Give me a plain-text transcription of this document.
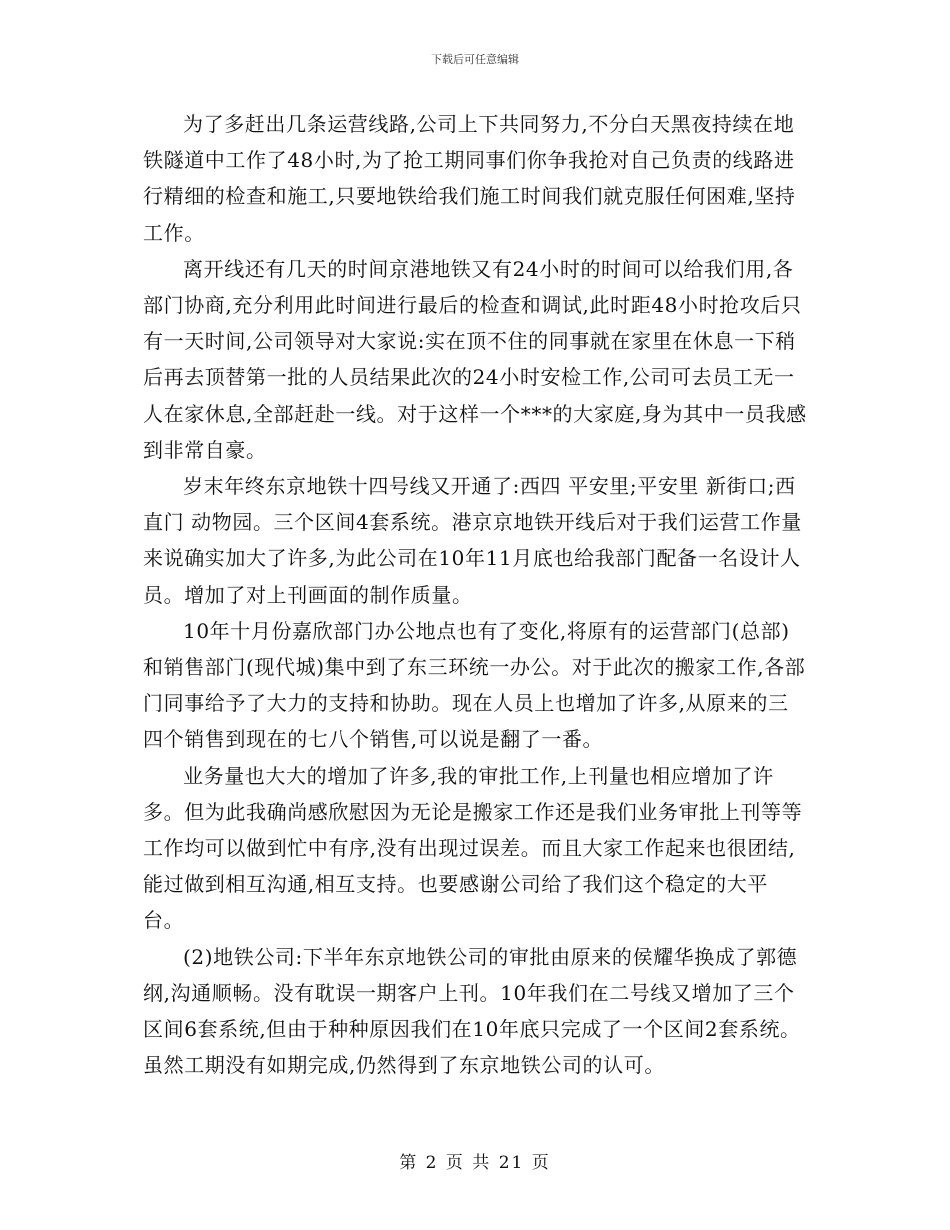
下载后可任意编辑

为了多赶出几条运营线路,公司上下共同努力,不分白天黑夜持续在地铁隧道中工作了48小时,为了抢工期同事们你争我抢对自己负责的线路进行精细的检查和施工,只要地铁给我们施工时间我们就克服任何困难,坚持工作。

离开线还有几天的时间京港地铁又有24小时的时间可以给我们用,各部门协商,充分利用此时间进行最后的检查和调试,此时距48小时抢攻后只有一天时间,公司领导对大家说:实在顶不住的同事就在家里在休息一下稍后再去顶替第一批的人员结果此次的24小时安检工作,公司可去员工无一人在家休息,全部赶赴一线。对于这样一个***的大家庭,身为其中一员我感到非常自豪。

岁末年终东京地铁十四号线又开通了:西四 平安里;平安里 新街口;西直门 动物园。三个区间4套系统。港京京地铁开线后对于我们运营工作量来说确实加大了许多,为此公司在10年11月底也给我部门配备一名设计人员。增加了对上刊画面的制作质量。

10年十月份嘉欣部门办公地点也有了变化,将原有的运营部门(总部)和销售部门(现代城)集中到了东三环统一办公。对于此次的搬家工作,各部门同事给予了大力的支持和协助。现在人员上也增加了许多,从原来的三四个销售到现在的七八个销售,可以说是翻了一番。

业务量也大大的增加了许多,我的审批工作,上刊量也相应增加了许多。但为此我确尚感欣慰因为无论是搬家工作还是我们业务审批上刊等等工作均可以做到忙中有序,没有出现过误差。而且大家工作起来也很团结,能过做到相互沟通,相互支持。也要感谢公司给了我们这个稳定的大平台。

(2)地铁公司:下半年东京地铁公司的审批由原来的侯耀华换成了郭德纲,沟通顺畅。没有耽误一期客户上刊。10年我们在二号线又增加了三个区间6套系统,但由于种种原因我们在10年底只完成了一个区间2套系统。虽然工期没有如期完成,仍然得到了东京地铁公司的认可。

第 2 页 共 21 页
